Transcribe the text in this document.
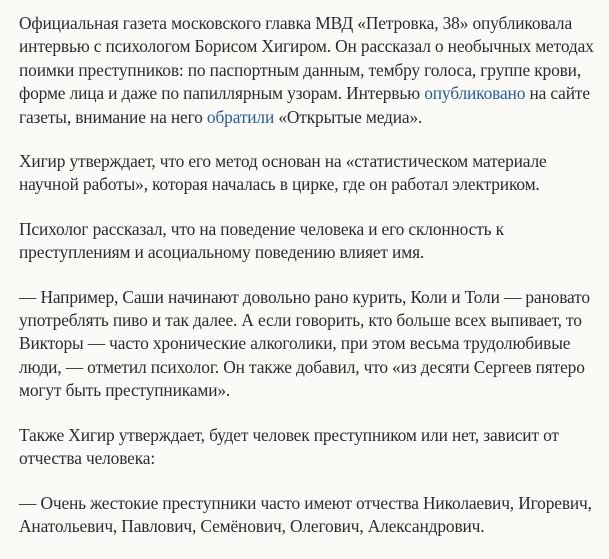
Официальная газета московского главка МВД «Петровка, 38» опубликовала интервью с психологом Борисом Хигиром. Он рассказал о необычных методах поимки преступников: по паспортным данным, тембру голоса, группе крови, форме лица и даже по папиллярным узорам. Интервью опубликовано на сайте газеты, внимание на него обратили «Открытые медиа».

Хигир утверждает, что его метод основан на «статистическом материале научной работы», которая началась в цирке, где он работал электриком.

Психолог рассказал, что на поведение человека и его склонность к преступлениям и асоциальному поведению влияет имя.

— Например, Саши начинают довольно рано курить, Коли и Толи — рановато употреблять пиво и так далее. А если говорить, кто больше всех выпивает, то Викторы — часто хронические алкоголики, при этом весьма трудолюбивые люди, — отметил психолог. Он также добавил, что «из десяти Сергеев пятеро могут быть преступниками».

Также Хигир утверждает, будет человек преступником или нет, зависит от отчества человека:

— Очень жестокие преступники часто имеют отчества Николаевич, Игоревич, Анатольевич, Павлович, Семёнович, Олегович, Александрович.
